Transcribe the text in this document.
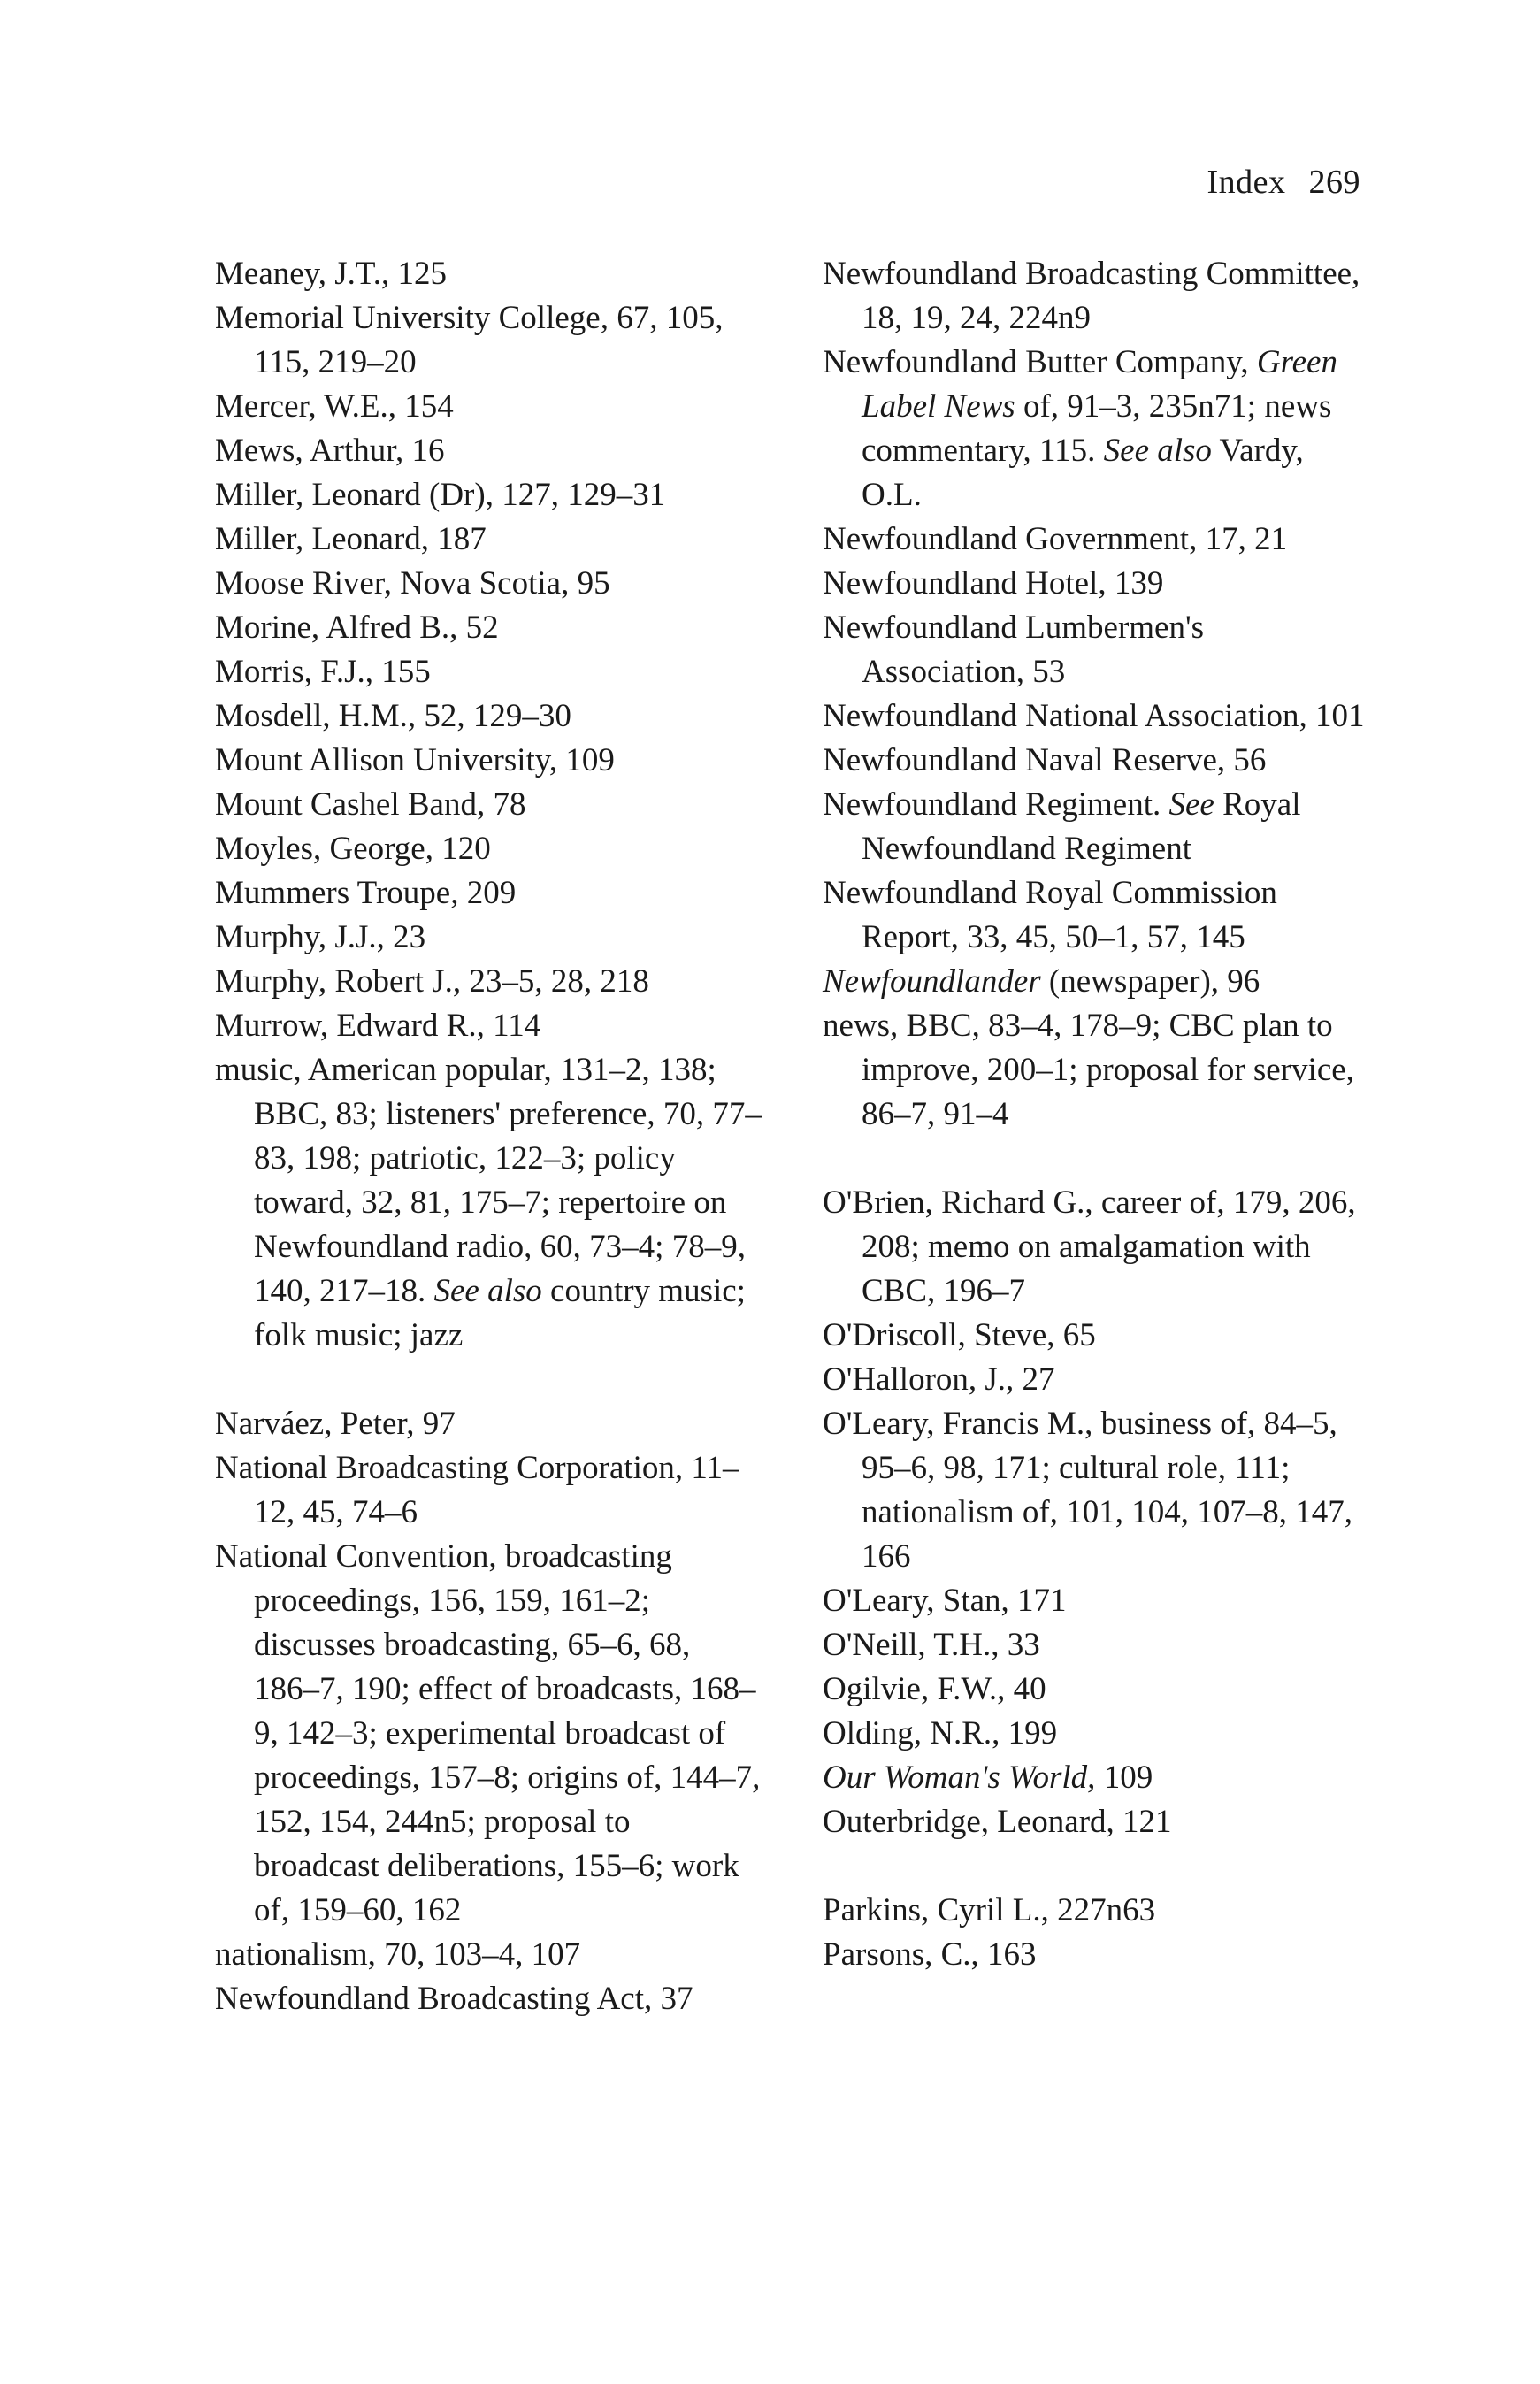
Index 269

Meaney, J.T., 125

Memorial University College, 67, 105, 115, 219–20

Mercer, W.E., 154

Mews, Arthur, 16

Miller, Leonard (Dr), 127, 129–31

Miller, Leonard, 187

Moose River, Nova Scotia, 95

Morine, Alfred B., 52

Morris, F.J., 155

Mosdell, H.M., 52, 129–30

Mount Allison University, 109

Mount Cashel Band, 78

Moyles, George, 120

Mummers Troupe, 209

Murphy, J.J., 23

Murphy, Robert J., 23–5, 28, 218

Murrow, Edward R., 114

music, American popular, 131–2, 138; BBC, 83; listeners' preference, 70, 77–83, 198; patriotic, 122–3; policy toward, 32, 81, 175–7; repertoire on Newfoundland radio, 60, 73–4; 78–9, 140, 217–18. See also country music; folk music; jazz

Narváez, Peter, 97

National Broadcasting Corporation, 11–12, 45, 74–6

National Convention, broadcasting proceedings, 156, 159, 161–2; discusses broadcasting, 65–6, 68, 186–7, 190; effect of broadcasts, 168–9, 142–3; experimental broadcast of proceedings, 157–8; origins of, 144–7, 152, 154, 244n5; proposal to broadcast deliberations, 155–6; work of, 159–60, 162

nationalism, 70, 103–4, 107

Newfoundland Broadcasting Act, 37

Newfoundland Broadcasting Committee, 18, 19, 24, 224n9

Newfoundland Butter Company, Green Label News of, 91–3, 235n71; news commentary, 115. See also Vardy, O.L.

Newfoundland Government, 17, 21

Newfoundland Hotel, 139

Newfoundland Lumbermen's Association, 53

Newfoundland National Association, 101

Newfoundland Naval Reserve, 56

Newfoundland Regiment. See Royal Newfoundland Regiment

Newfoundland Royal Commission Report, 33, 45, 50–1, 57, 145

Newfoundlander (newspaper), 96

news, BBC, 83–4, 178–9; CBC plan to improve, 200–1; proposal for service, 86–7, 91–4

O'Brien, Richard G., career of, 179, 206, 208; memo on amalgamation with CBC, 196–7

O'Driscoll, Steve, 65

O'Halloron, J., 27

O'Leary, Francis M., business of, 84–5, 95–6, 98, 171; cultural role, 111; nationalism of, 101, 104, 107–8, 147, 166

O'Leary, Stan, 171

O'Neill, T.H., 33

Ogilvie, F.W., 40

Olding, N.R., 199

Our Woman's World, 109

Outerbridge, Leonard, 121

Parkins, Cyril L., 227n63

Parsons, C., 163
